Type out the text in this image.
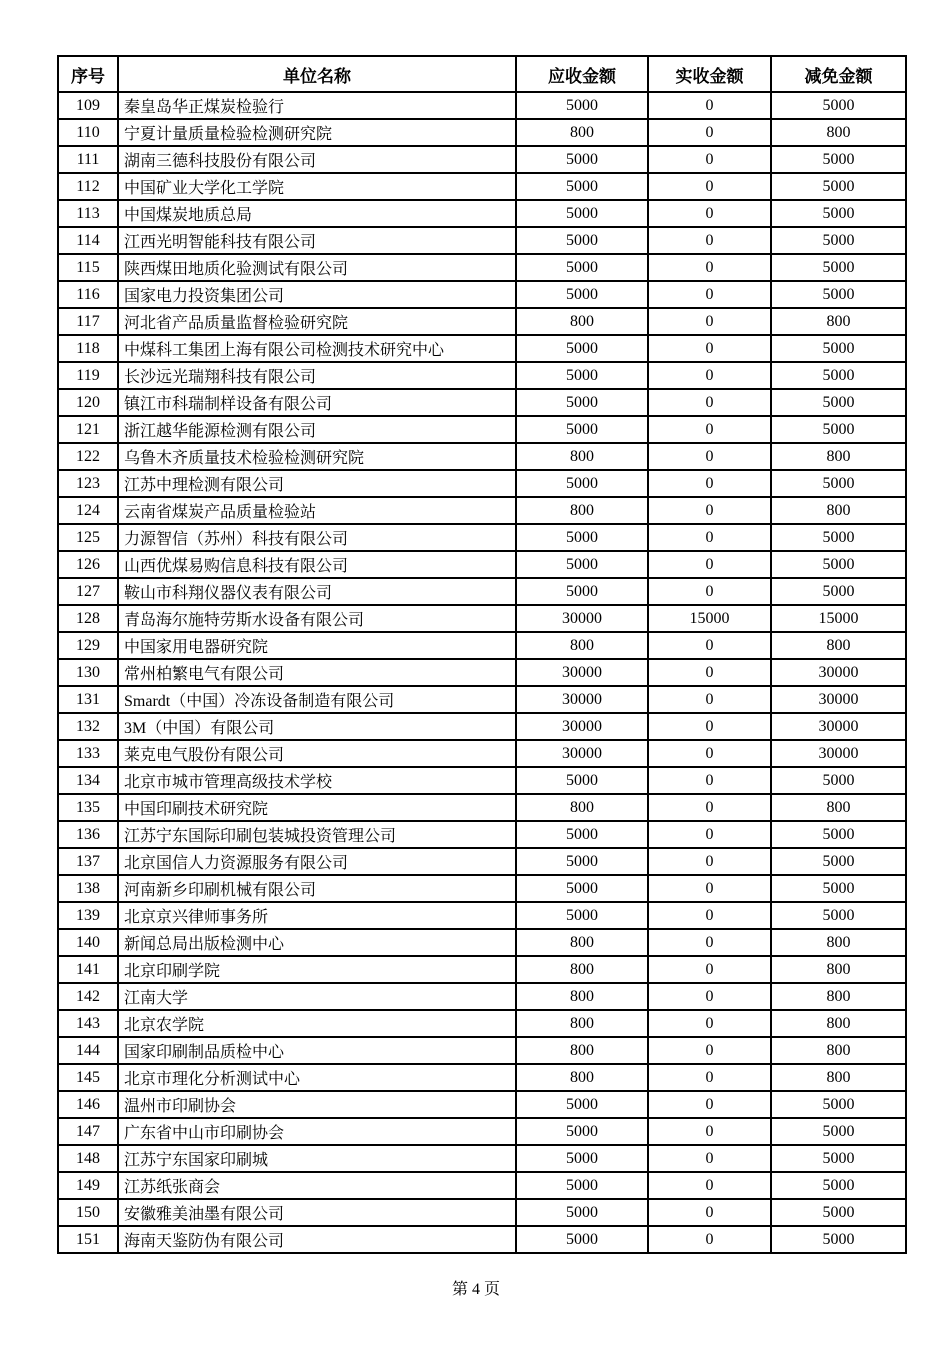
序号	单位名称	应收金额	实收金额	减免金额
109	秦皇岛华正煤炭检验行	5000	0	5000
110	宁夏计量质量检验检测研究院	800	0	800
111	湖南三德科技股份有限公司	5000	0	5000
112	中国矿业大学化工学院	5000	0	5000
113	中国煤炭地质总局	5000	0	5000
114	江西光明智能科技有限公司	5000	0	5000
115	陕西煤田地质化验测试有限公司	5000	0	5000
116	国家电力投资集团公司	5000	0	5000
117	河北省产品质量监督检验研究院	800	0	800
118	中煤科工集团上海有限公司检测技术研究中心	5000	0	5000
119	长沙远光瑞翔科技有限公司	5000	0	5000
120	镇江市科瑞制样设备有限公司	5000	0	5000
121	浙江越华能源检测有限公司	5000	0	5000
122	乌鲁木齐质量技术检验检测研究院	800	0	800
123	江苏中理检测有限公司	5000	0	5000
124	云南省煤炭产品质量检验站	800	0	800
125	力源智信（苏州）科技有限公司	5000	0	5000
126	山西优煤易购信息科技有限公司	5000	0	5000
127	鞍山市科翔仪器仪表有限公司	5000	0	5000
128	青岛海尔施特劳斯水设备有限公司	30000	15000	15000
129	中国家用电器研究院	800	0	800
130	常州柏繁电气有限公司	30000	0	30000
131	Smardt（中国）冷冻设备制造有限公司	30000	0	30000
132	3M（中国）有限公司	30000	0	30000
133	莱克电气股份有限公司	30000	0	30000
134	北京市城市管理高级技术学校	5000	0	5000
135	中国印刷技术研究院	800	0	800
136	江苏宁东国际印刷包装城投资管理公司	5000	0	5000
137	北京国信人力资源服务有限公司	5000	0	5000
138	河南新乡印刷机械有限公司	5000	0	5000
139	北京京兴律师事务所	5000	0	5000
140	新闻总局出版检测中心	800	0	800
141	北京印刷学院	800	0	800
142	江南大学	800	0	800
143	北京农学院	800	0	800
144	国家印刷制品质检中心	800	0	800
145	北京市理化分析测试中心	800	0	800
146	温州市印刷协会	5000	0	5000
147	广东省中山市印刷协会	5000	0	5000
148	江苏宁东国家印刷城	5000	0	5000
149	江苏纸张商会	5000	0	5000
150	安徽雅美油墨有限公司	5000	0	5000
151	海南天鉴防伪有限公司	5000	0	5000
第 4 页
